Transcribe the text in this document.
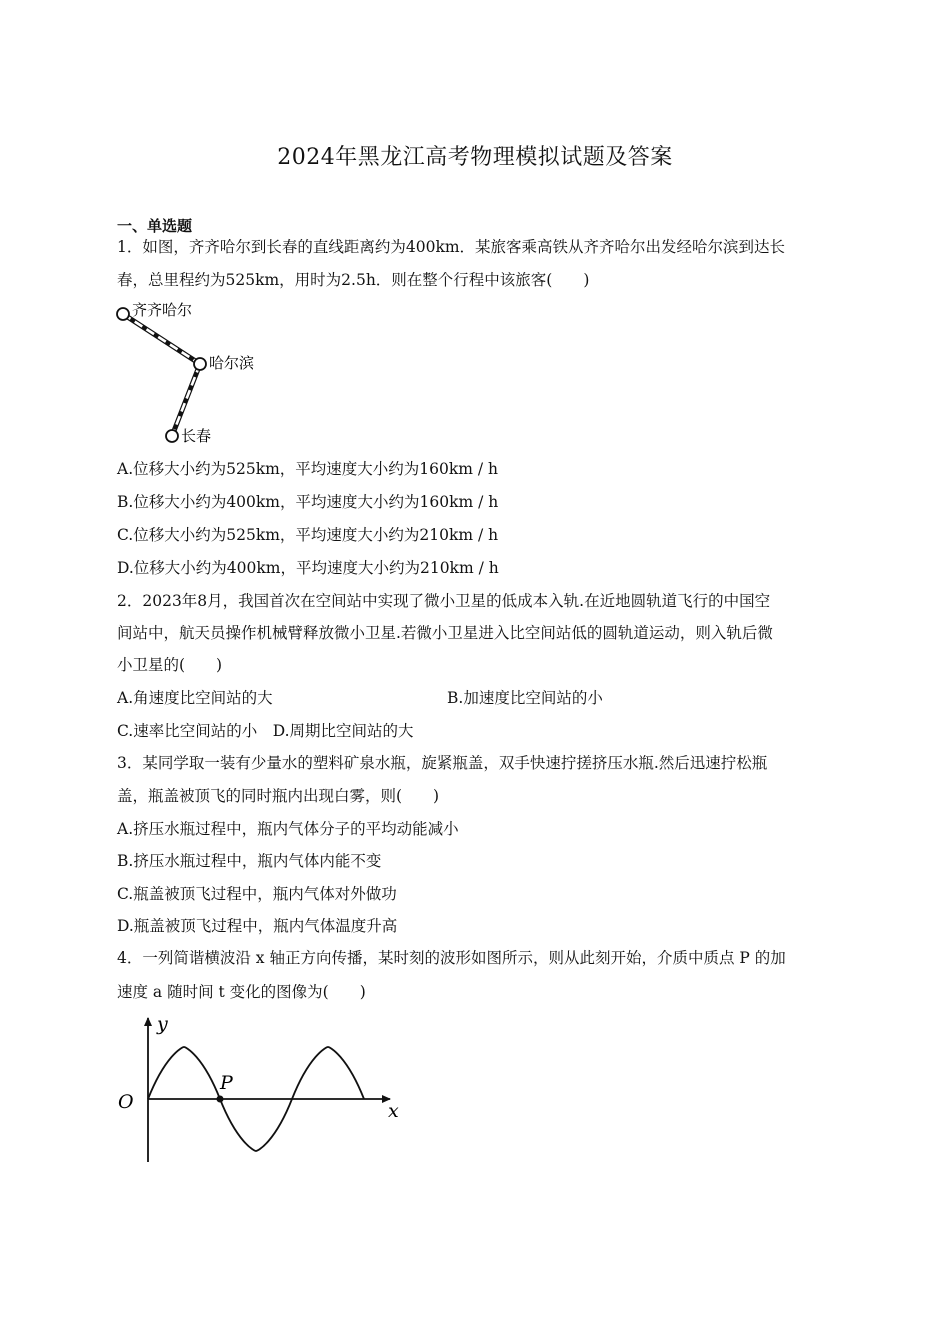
2024年黑龙江高考物理模拟试题及答案
一、单选题
1．如图，齐齐哈尔到长春的直线距离约为400km．某旅客乘高铁从齐齐哈尔出发经哈尔滨到达长
春，总里程约为525km，用时为2.5h．则在整个行程中该旅客(　　)
齐齐哈尔
哈尔滨
长春
A.位移大小约为525km，平均速度大小约为160km / h
B.位移大小约为400km，平均速度大小约为160km / h
C.位移大小约为525km，平均速度大小约为210km / h
D.位移大小约为400km，平均速度大小约为210km / h
2．2023年8月，我国首次在空间站中实现了微小卫星的低成本入轨.在近地圆轨道飞行的中国空
间站中，航天员操作机械臂释放微小卫星.若微小卫星进入比空间站低的圆轨道运动，则入轨后微
小卫星的(　　)
A.角速度比空间站的大	B.加速度比空间站的小
C.速率比空间站的小　D.周期比空间站的大
3．某同学取一装有少量水的塑料矿泉水瓶，旋紧瓶盖，双手快速拧搓挤压水瓶.然后迅速拧松瓶
盖，瓶盖被顶飞的同时瓶内出现白雾，则(　　)
A.挤压水瓶过程中，瓶内气体分子的平均动能减小
B.挤压水瓶过程中，瓶内气体内能不变
C.瓶盖被顶飞过程中，瓶内气体对外做功
D.瓶盖被顶飞过程中，瓶内气体温度升高
4．一列简谐横波沿 x 轴正方向传播，某时刻的波形如图所示，则从此刻开始，介质中质点 P 的加
速度 a 随时间 t 变化的图像为(　　)
y
x
O
P
